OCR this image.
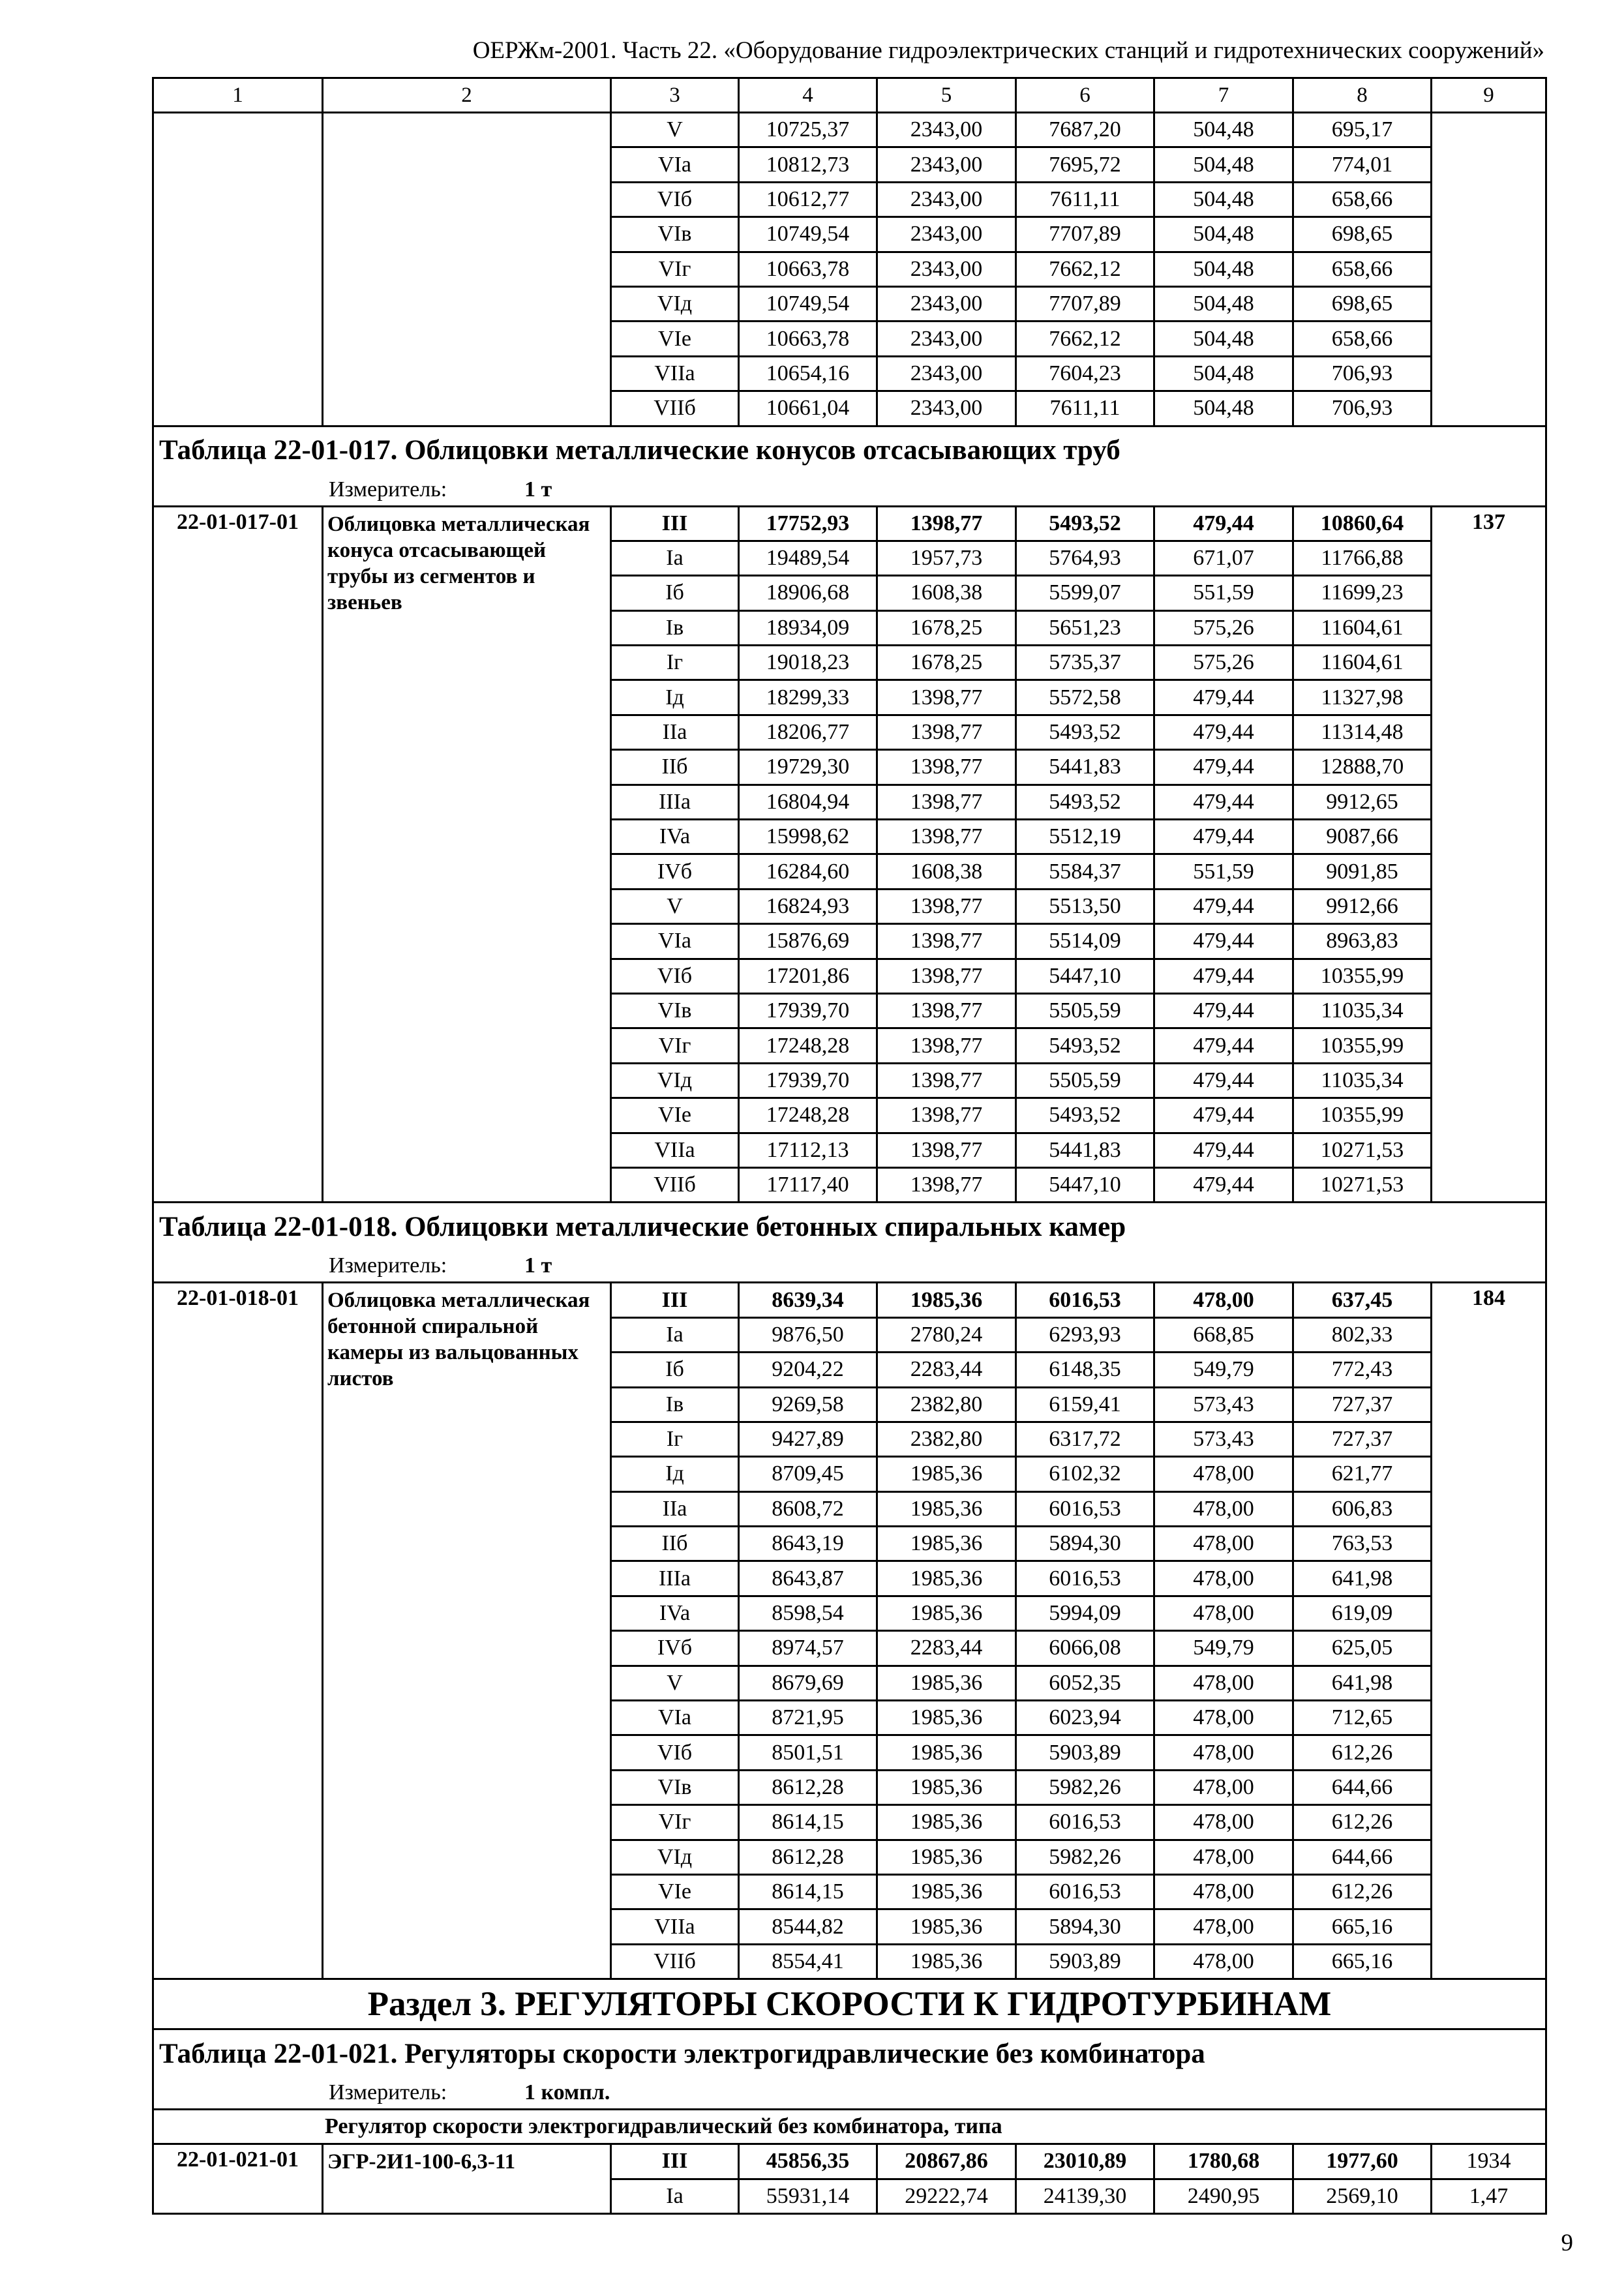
ОЕРЖм-2001. Часть 22. «Оборудование гидроэлектрических станций и гидротехнических сооружений»
1	2	3	4	5	6	7	8	9
		V	10725,37	2343,00	7687,20	504,48	695,17	
		VIa	10812,73	2343,00	7695,72	504,48	774,01	
		VIб	10612,77	2343,00	7611,11	504,48	658,66	
		VIв	10749,54	2343,00	7707,89	504,48	698,65	
		VIг	10663,78	2343,00	7662,12	504,48	658,66	
		VIд	10749,54	2343,00	7707,89	504,48	698,65	
		VIe	10663,78	2343,00	7662,12	504,48	658,66	
		VIIa	10654,16	2343,00	7604,23	504,48	706,93	
		VIIб	10661,04	2343,00	7611,11	504,48	706,93	
Таблица 22-01-017. Облицовки металлические конусов отсасывающих труб								
Измеритель: 1 т								
22-01-017-01	Облицовка металлическая конуса отсасывающей трубы из сегментов и звеньев	III	17752,93	1398,77	5493,52	479,44	10860,64	137
		Ia	19489,54	1957,73	5764,93	671,07	11766,88	
		Iб	18906,68	1608,38	5599,07	551,59	11699,23	
		Iв	18934,09	1678,25	5651,23	575,26	11604,61	
		Iг	19018,23	1678,25	5735,37	575,26	11604,61	
		Iд	18299,33	1398,77	5572,58	479,44	11327,98	
		IIa	18206,77	1398,77	5493,52	479,44	11314,48	
		IIб	19729,30	1398,77	5441,83	479,44	12888,70	
		IIIa	16804,94	1398,77	5493,52	479,44	9912,65	
		IVa	15998,62	1398,77	5512,19	479,44	9087,66	
		IVб	16284,60	1608,38	5584,37	551,59	9091,85	
		V	16824,93	1398,77	5513,50	479,44	9912,66	
		VIa	15876,69	1398,77	5514,09	479,44	8963,83	
		VIб	17201,86	1398,77	5447,10	479,44	10355,99	
		VIв	17939,70	1398,77	5505,59	479,44	11035,34	
		VIг	17248,28	1398,77	5493,52	479,44	10355,99	
		VIд	17939,70	1398,77	5505,59	479,44	11035,34	
		VIe	17248,28	1398,77	5493,52	479,44	10355,99	
		VIIa	17112,13	1398,77	5441,83	479,44	10271,53	
		VIIб	17117,40	1398,77	5447,10	479,44	10271,53	
Таблица 22-01-018. Облицовки металлические бетонных спиральных камер								
Измеритель: 1 т								
22-01-018-01	Облицовка металлическая бетонной спиральной камеры из вальцованных листов	III	8639,34	1985,36	6016,53	478,00	637,45	184
		Ia	9876,50	2780,24	6293,93	668,85	802,33	
		Iб	9204,22	2283,44	6148,35	549,79	772,43	
		Iв	9269,58	2382,80	6159,41	573,43	727,37	
		Iг	9427,89	2382,80	6317,72	573,43	727,37	
		Iд	8709,45	1985,36	6102,32	478,00	621,77	
		IIa	8608,72	1985,36	6016,53	478,00	606,83	
		IIб	8643,19	1985,36	5894,30	478,00	763,53	
		IIIa	8643,87	1985,36	6016,53	478,00	641,98	
		IVa	8598,54	1985,36	5994,09	478,00	619,09	
		IVб	8974,57	2283,44	6066,08	549,79	625,05	
		V	8679,69	1985,36	6052,35	478,00	641,98	
		VIa	8721,95	1985,36	6023,94	478,00	712,65	
		VIб	8501,51	1985,36	5903,89	478,00	612,26	
		VIв	8612,28	1985,36	5982,26	478,00	644,66	
		VIг	8614,15	1985,36	6016,53	478,00	612,26	
		VIд	8612,28	1985,36	5982,26	478,00	644,66	
		VIe	8614,15	1985,36	6016,53	478,00	612,26	
		VIIa	8544,82	1985,36	5894,30	478,00	665,16	
		VIIб	8554,41	1985,36	5903,89	478,00	665,16	
Раздел 3. РЕГУЛЯТОРЫ СКОРОСТИ К ГИДРОТУРБИНАМ								
Таблица 22-01-021. Регуляторы скорости электрогидравлические без комбинатора								
Измеритель: 1 компл.								
Регулятор скорости электрогидравлический без комбинатора, типа								
22-01-021-01	ЭГР-2И1-100-6,3-11	III	45856,35	20867,86	23010,89	1780,68	1977,60	1934
		Ia	55931,14	29222,74	24139,30	2490,95	2569,10	1,47
9
